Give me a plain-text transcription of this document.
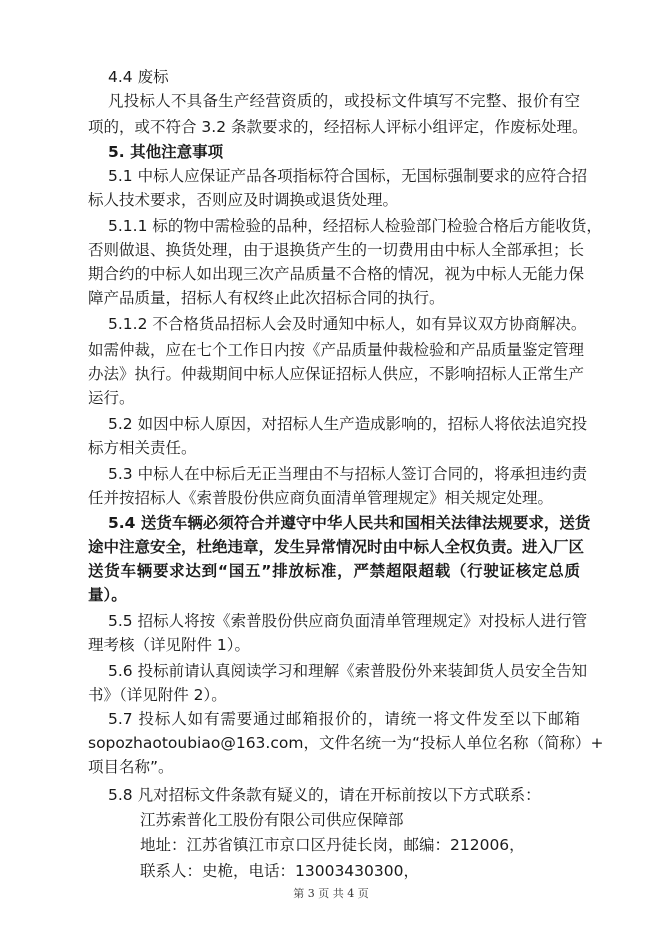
4.4 废标
凡投标人不具备生产经营资质的，或投标文件填写不完整、报价有空
项的，或不符合 3.2 条款要求的，经招标人评标小组评定，作废标处理。
5. 其他注意事项
5.1 中标人应保证产品各项指标符合国标，无国标强制要求的应符合招
标人技术要求，否则应及时调换或退货处理。
5.1.1 标的物中需检验的品种，经招标人检验部门检验合格后方能收货，
否则做退、换货处理，由于退换货产生的一切费用由中标人全部承担；长
期合约的中标人如出现三次产品质量不合格的情况，视为中标人无能力保
障产品质量，招标人有权终止此次招标合同的执行。
5.1.2 不合格货品招标人会及时通知中标人，如有异议双方协商解决。
如需仲裁，应在七个工作日内按《产品质量仲裁检验和产品质量鉴定管理
办法》执行。仲裁期间中标人应保证招标人供应，不影响招标人正常生产
运行。
5.2 如因中标人原因，对招标人生产造成影响的，招标人将依法追究投
标方相关责任。
5.3 中标人在中标后无正当理由不与招标人签订合同的，将承担违约责
任并按招标人《索普股份供应商负面清单管理规定》相关规定处理。
5.4 送货车辆必须符合并遵守中华人民共和国相关法律法规要求，送货
途中注意安全，杜绝违章，发生异常情况时由中标人全权负责。进入厂区
送货车辆要求达到“国五”排放标准，严禁超限超载（行驶证核定总质
量）。
5.5 招标人将按《索普股份供应商负面清单管理规定》对投标人进行管
理考核（详见附件 1）。
5.6 投标前请认真阅读学习和理解《索普股份外来装卸货人员安全告知
书》（详见附件 2）。
5.7 投标人如有需要通过邮箱报价的，请统一将文件发至以下邮箱
sopozhaotoubiao@163.com，文件名统一为“投标人单位名称（简称）+
项目名称”。
5.8 凡对招标文件条款有疑义的，请在开标前按以下方式联系：
江苏索普化工股份有限公司供应保障部
地址：江苏省镇江市京口区丹徒长岗，邮编：212006，
联系人：史桅，电话：13003430300，
第 3 页 共 4 页
